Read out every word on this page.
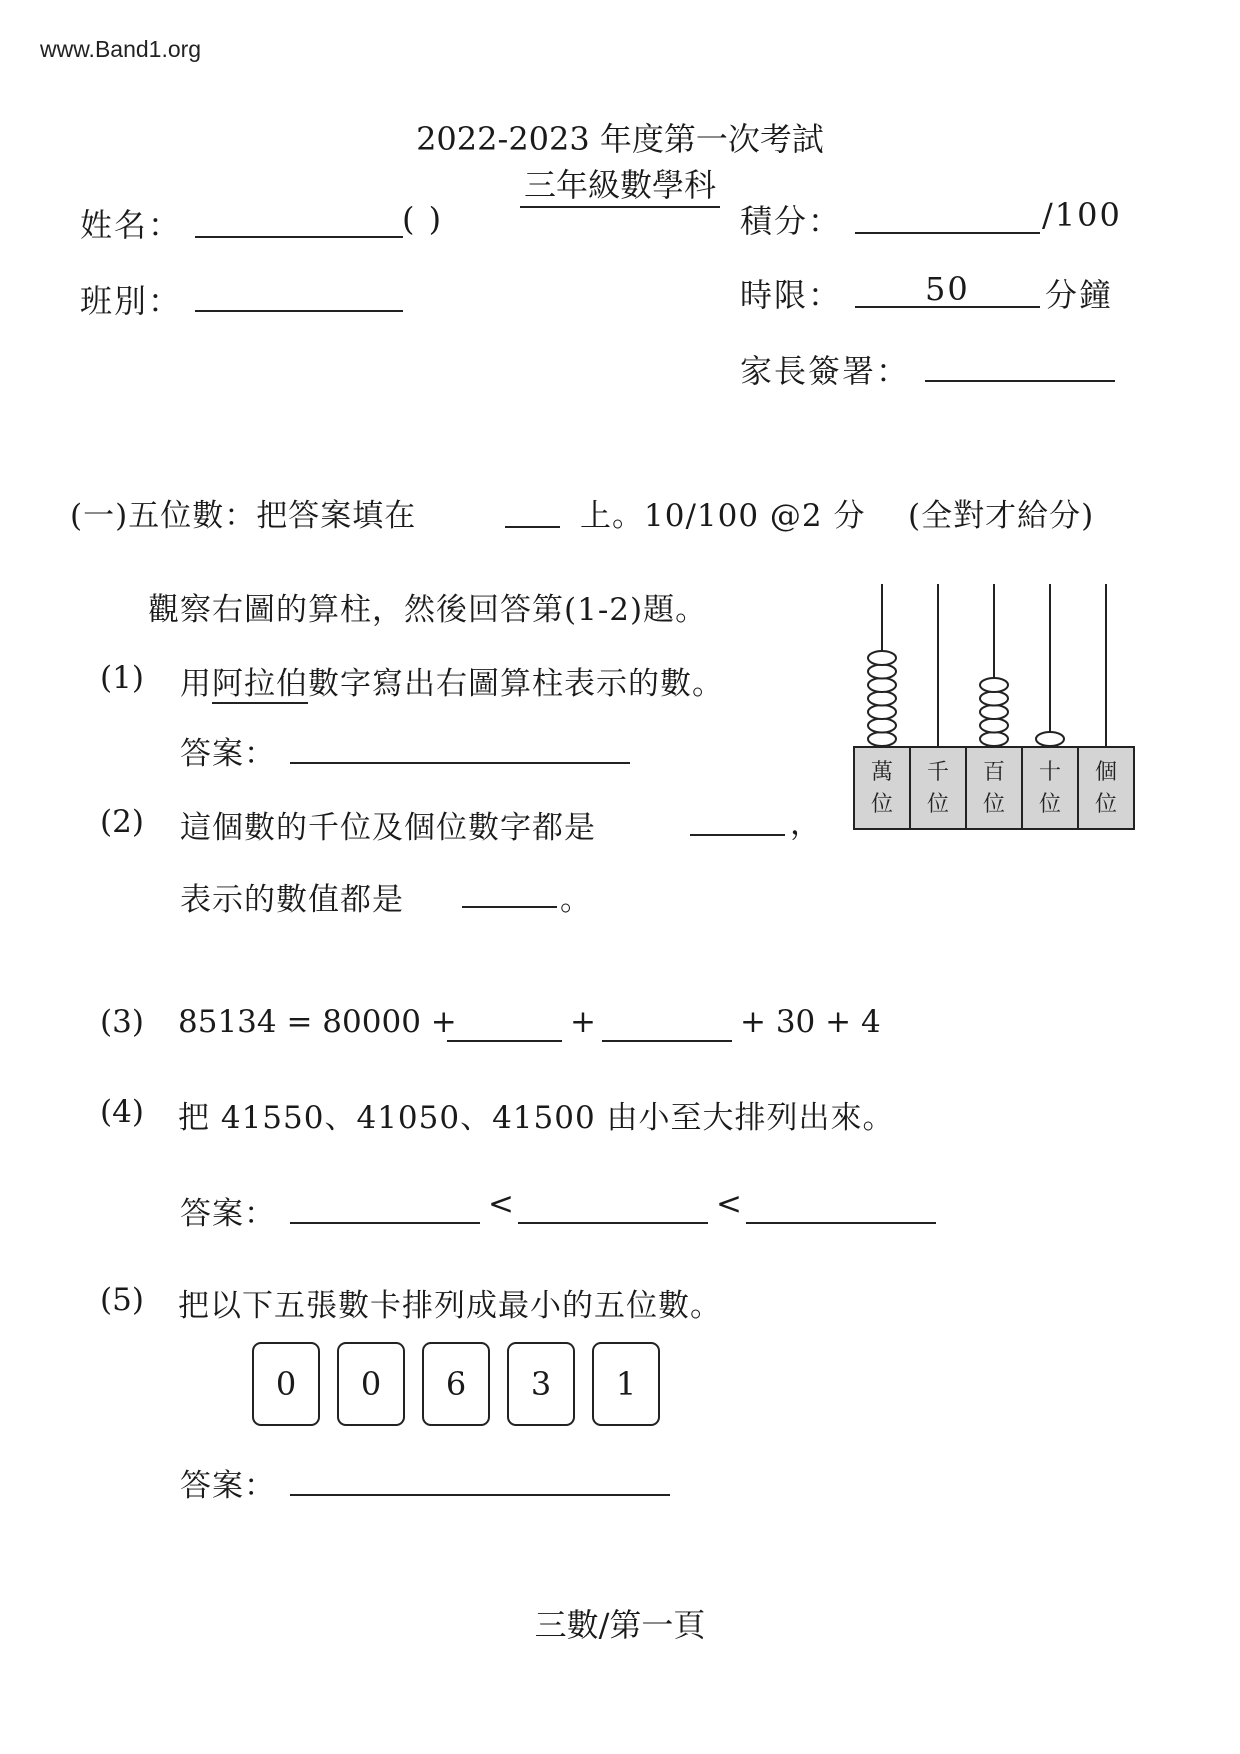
www.Band1.org
2022-2023 年度第一次考試
三年級數學科
姓名：	( )
班別：
積分：	/100
時限：	50 分鐘
家長簽署：
(一)五位數：把答案填在	上。10/100 @2 分 (全對才給分)
觀察右圖的算柱，然後回答第(1-2)題。
(1) 用阿拉伯數字寫出右圖算柱表示的數。
答案：
(2) 這個數的千位及個位數字都是	，
表示的數值都是	。
萬
位
千
位
百
位
十
位
個
位
(3) 85134 = 80000 +	+	+ 30 + 4
(4) 把 41550、41050、41500 由小至大排列出來。
答案：	<	<
(5) 把以下五張數卡排列成最小的五位數。
0	0	6	3	1
答案：
三數/第一頁
